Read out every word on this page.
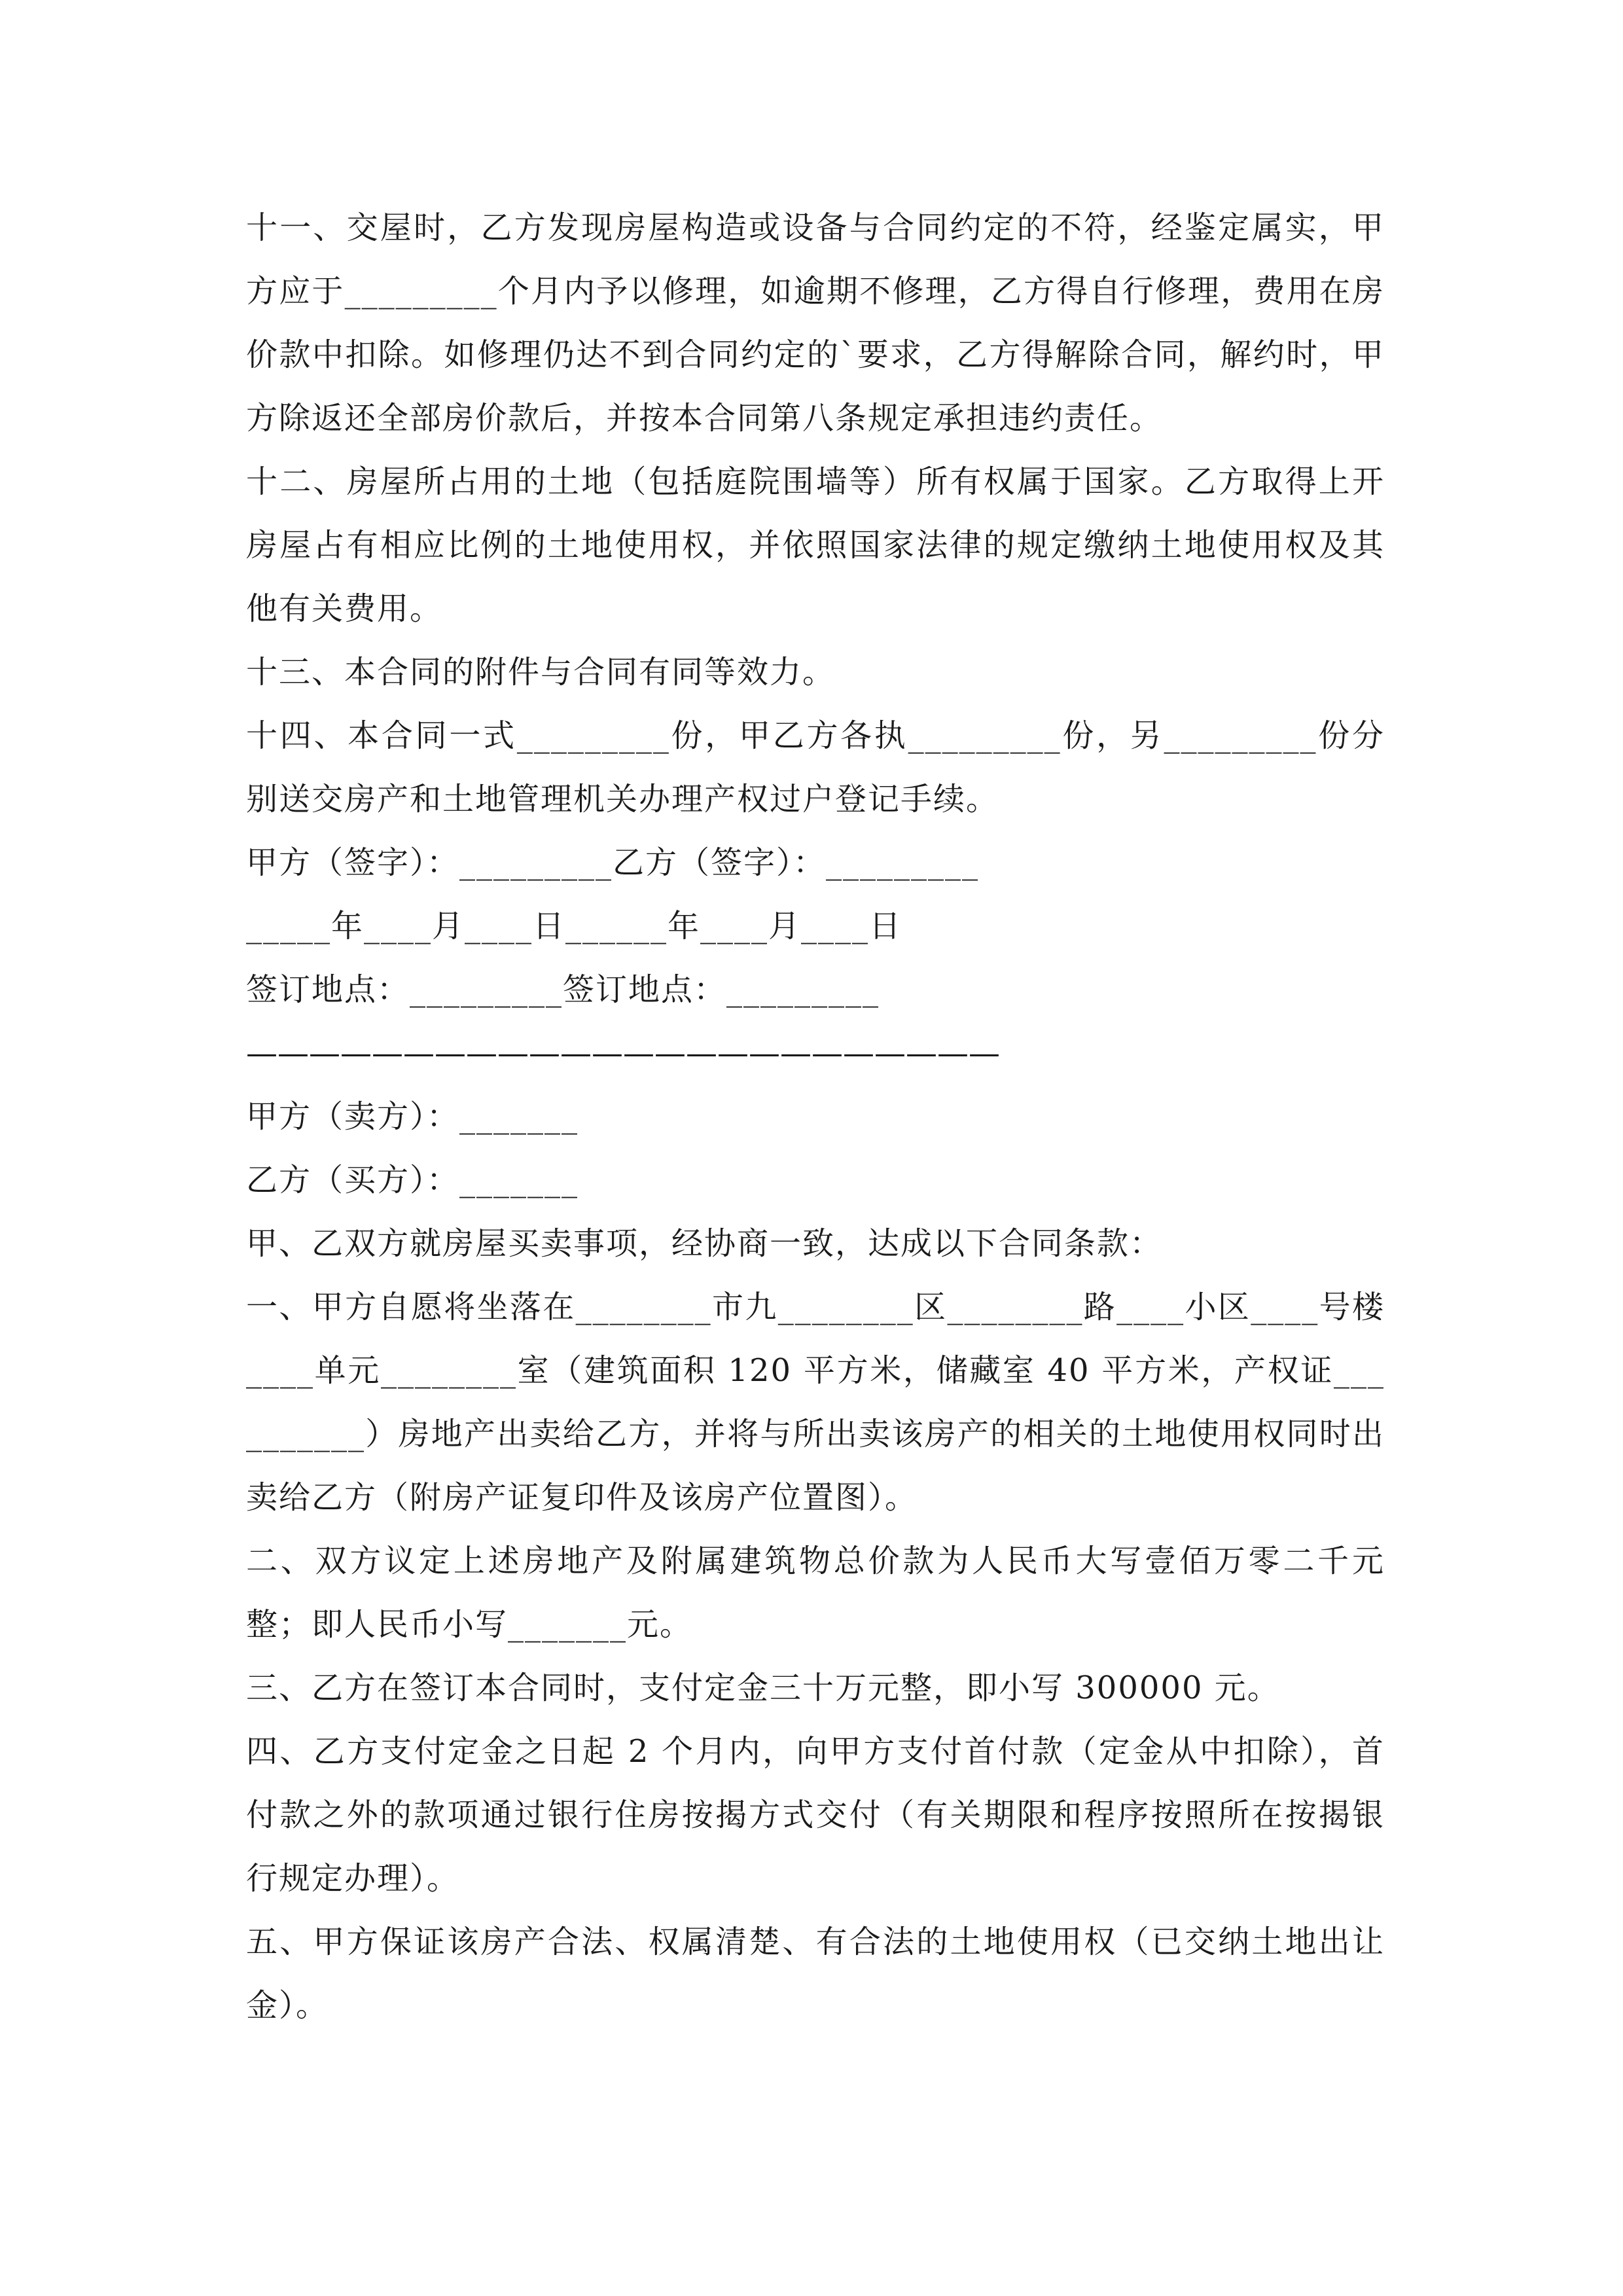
十一、交屋时，乙方发现房屋构造或设备与合同约定的不符，经鉴定属实，甲方应于_________个月内予以修理，如逾期不修理，乙方得自行修理，费用在房价款中扣除。如修理仍达不到合同约定的`要求，乙方得解除合同，解约时，甲方除返还全部房价款后，并按本合同第八条规定承担违约责任。

十二、房屋所占用的土地（包括庭院围墙等）所有权属于国家。乙方取得上开房屋占有相应比例的土地使用权，并依照国家法律的规定缴纳土地使用权及其他有关费用。

十三、本合同的附件与合同有同等效力。

十四、本合同一式_________份，甲乙方各执_________份，另_________份分别送交房产和土地管理机关办理产权过户登记手续。

甲方（签字）：_________乙方（签字）：_________

_____年____月____日______年____月____日

签订地点：_________签订地点：_________

————————————————————————

甲方（卖方）：_______

乙方（买方）：_______

甲、乙双方就房屋买卖事项，经协商一致，达成以下合同条款：

一、甲方自愿将坐落在________市九________区________路____小区____号楼____单元________室（建筑面积 120 平方米，储藏室 40 平方米，产权证__________）房地产出卖给乙方，并将与所出卖该房产的相关的土地使用权同时出卖给乙方（附房产证复印件及该房产位置图）。

二、双方议定上述房地产及附属建筑物总价款为人民币大写壹佰万零二千元整；即人民币小写_______元。

三、乙方在签订本合同时，支付定金三十万元整，即小写 300000 元。

四、乙方支付定金之日起 2 个月内，向甲方支付首付款（定金从中扣除），首付款之外的款项通过银行住房按揭方式交付（有关期限和程序按照所在按揭银行规定办理）。

五、甲方保证该房产合法、权属清楚、有合法的土地使用权（已交纳土地出让金）。
